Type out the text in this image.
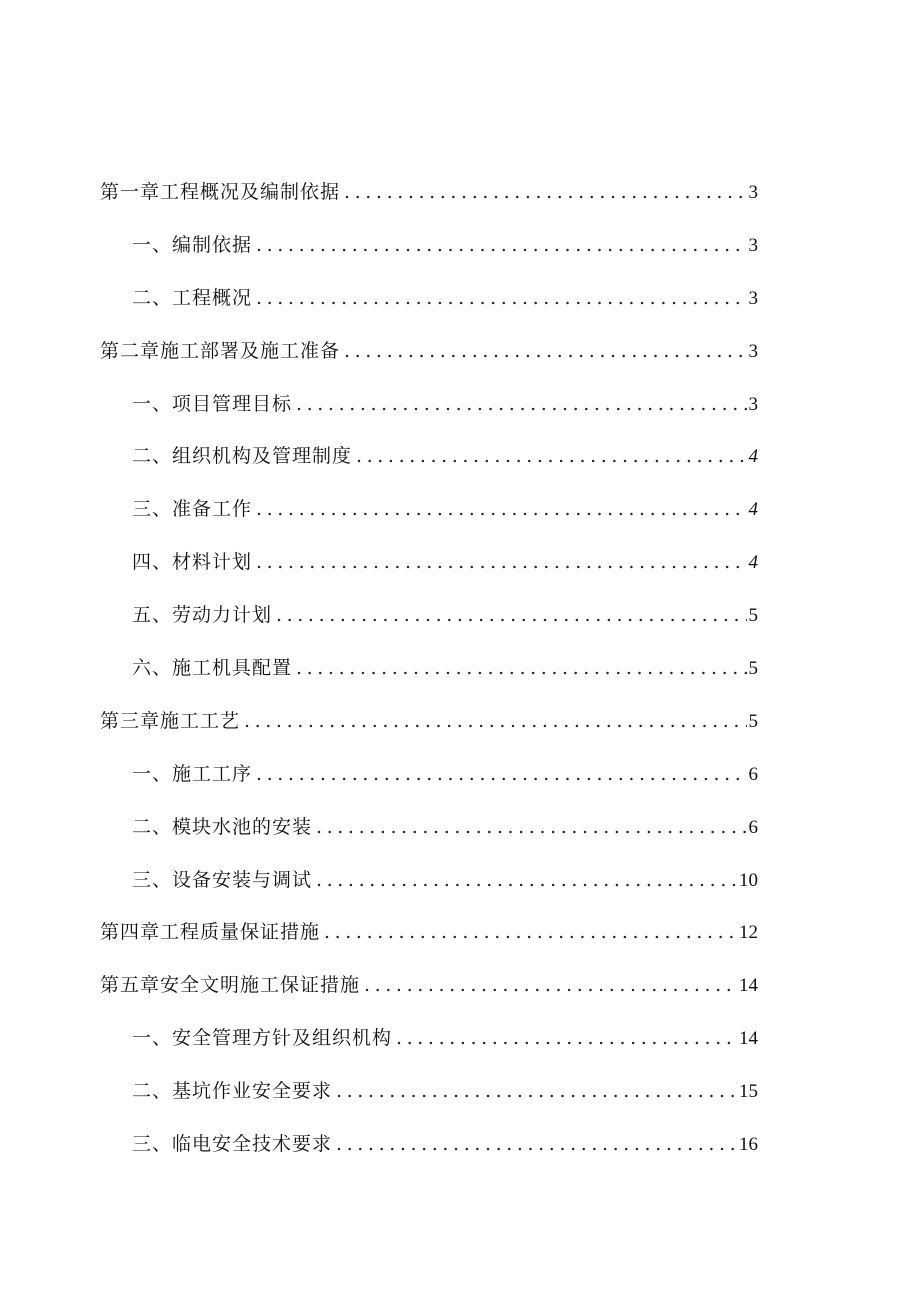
第一章工程概况及编制依据 .....	3
一、编制依据 .....	3
二、工程概况 .....	3
第二章施工部署及施工准备 .....	3
一、项目管理目标 .....	3
二、组织机构及管理制度 .....	4
三、准备工作 .....	4
四、材料计划 .....	4
五、劳动力计划 .....	5
六、施工机具配置 .....	5
第三章施工工艺 .....	5
一、施工工序 .....	6
二、模块水池的安装 .....	6
三、设备安装与调试 .....	10
第四章工程质量保证措施 .....	12
第五章安全文明施工保证措施 .....	14
一、安全管理方针及组织机构 .....	14
二、基坑作业安全要求 .....	15
三、临电安全技术要求 .....	16
